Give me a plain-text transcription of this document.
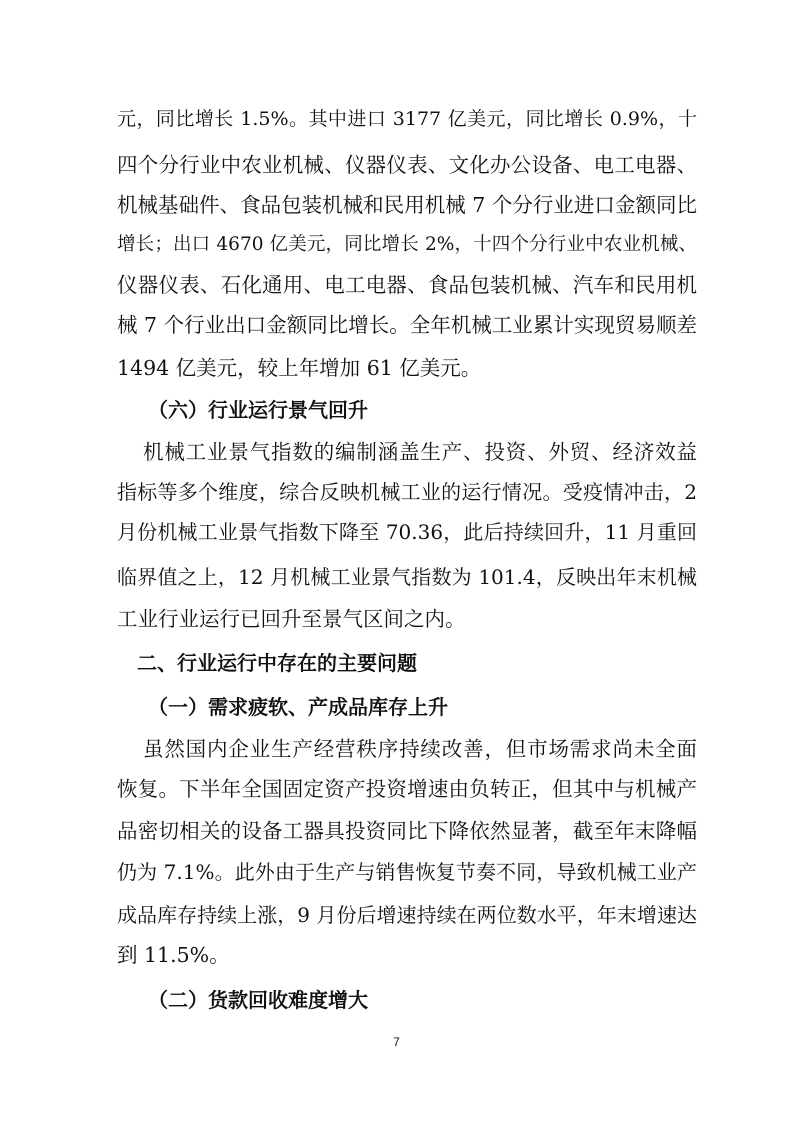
元，同比增长 1.5%。其中进口 3177 亿美元，同比增长 0.9%，十
四个分行业中农业机械、仪器仪表、文化办公设备、电工电器、
机械基础件、食品包装机械和民用机械 7 个分行业进口金额同比
增长；出口 4670 亿美元，同比增长 2%，十四个分行业中农业机械、
仪器仪表、石化通用、电工电器、食品包装机械、汽车和民用机
械 7 个行业出口金额同比增长。全年机械工业累计实现贸易顺差
1494 亿美元，较上年增加 61 亿美元。
（六）行业运行景气回升
机械工业景气指数的编制涵盖生产、投资、外贸、经济效益
指标等多个维度，综合反映机械工业的运行情况。受疫情冲击，2
月份机械工业景气指数下降至 70.36，此后持续回升，11 月重回
临界值之上，12 月机械工业景气指数为 101.4，反映出年末机械
工业行业运行已回升至景气区间之内。
二、行业运行中存在的主要问题
（一）需求疲软、产成品库存上升
虽然国内企业生产经营秩序持续改善，但市场需求尚未全面
恢复。下半年全国固定资产投资增速由负转正，但其中与机械产
品密切相关的设备工器具投资同比下降依然显著，截至年末降幅
仍为 7.1%。此外由于生产与销售恢复节奏不同，导致机械工业产
成品库存持续上涨，9 月份后增速持续在两位数水平，年末增速达
到 11.5%。
（二）货款回收难度增大
7
